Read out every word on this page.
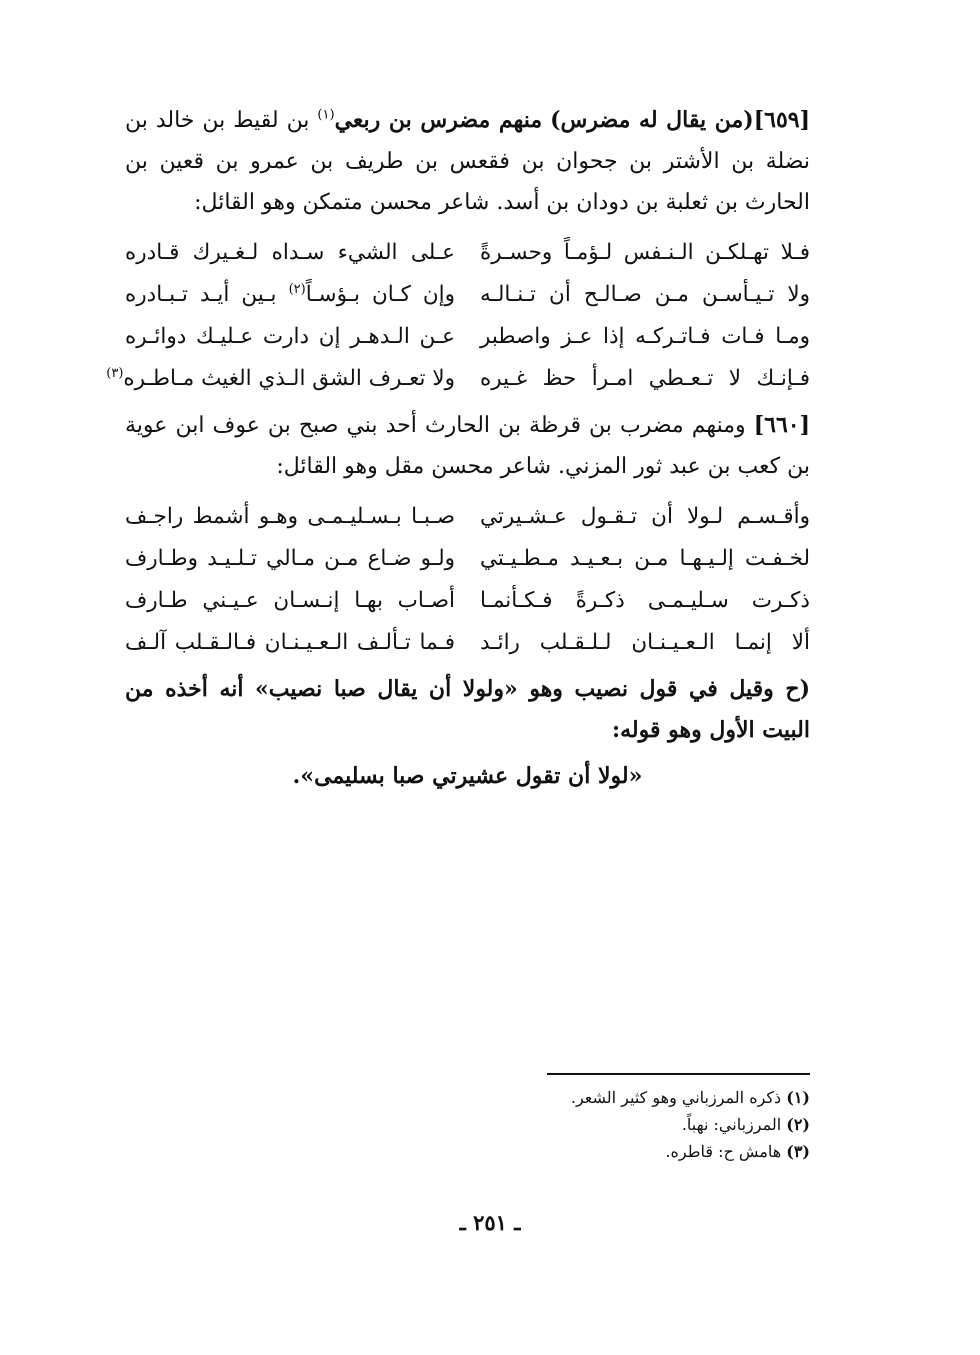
[٦٥٩](من يقال له مضرس) منهم مضرس بن ربعي$^{(١)}$ بن لقيط بن خالد بن نضلة بن الأشتر بن جحوان بن فقعس بن طريف بن عمرو بن قعين بن الحارث بن ثعلبة بن دودان بن أسد. شاعر محسن متمكن وهو القائل:

فـلا تهـلكـن الـنـفس لـؤمـاً وحسـرةً
عـلى الشيء سـداه لـغـيرك قـادره
ولا تـيـأسـن مـن صـالـح أن تـنـالـه
وإن كـان بـؤسـاً$^{(٢)}$ بـين أيـد تـبـادره
ومـا فـات فـاتـركـه إذا عـز واصطبر
عـن الـدهـر إن دارت عـليـك دوائـره
فـإنـك لا تـعـطي امـرأ حظ غـيره
ولا تعـرف الشق الـذي الغيث مـاطـره$^{(٣)}$

[٦٦٠] ومنهم مضرب بن قرظة بن الحارث أحد بني صبح بن عوف ابن عوية بن كعب بن عبد ثور المزني. شاعر محسن مقل وهو القائل:

وأقـسـم لـولا أن تـقـول عـشـيرتي
صـبـا بـسـليـمـى وهـو أشمط راجـف
لخـفـت إلـيـهـا مـن بـعـيـد مـطـيـتي
ولـو ضـاع مـن مـالي تـلـيـد وطـارف
ذكـرت سـليـمـى ذكـرةً فـكـأنمـا
أصـاب بهـا إنـسـان عـيـني طـارف
ألا إنمـا الـعـيـنـان لـلـقـلب رائـد
فـما تـألـف الـعـيـنـان فـالـقـلب آلـف

(ح وقيل في قول نصيب وهو «ولولا أن يقال صبا نصيب» أنه أخذه من البيت الأول وهو قوله:

«لولا أن تقول عشيرتي صبا بسليمى».

(١) ذكره المرزباني وهو كثير الشعر.

(٢) المرزباني: نهباً.

(٣) هامش ح: قاطره.

ـ ٢٥١ ـ
